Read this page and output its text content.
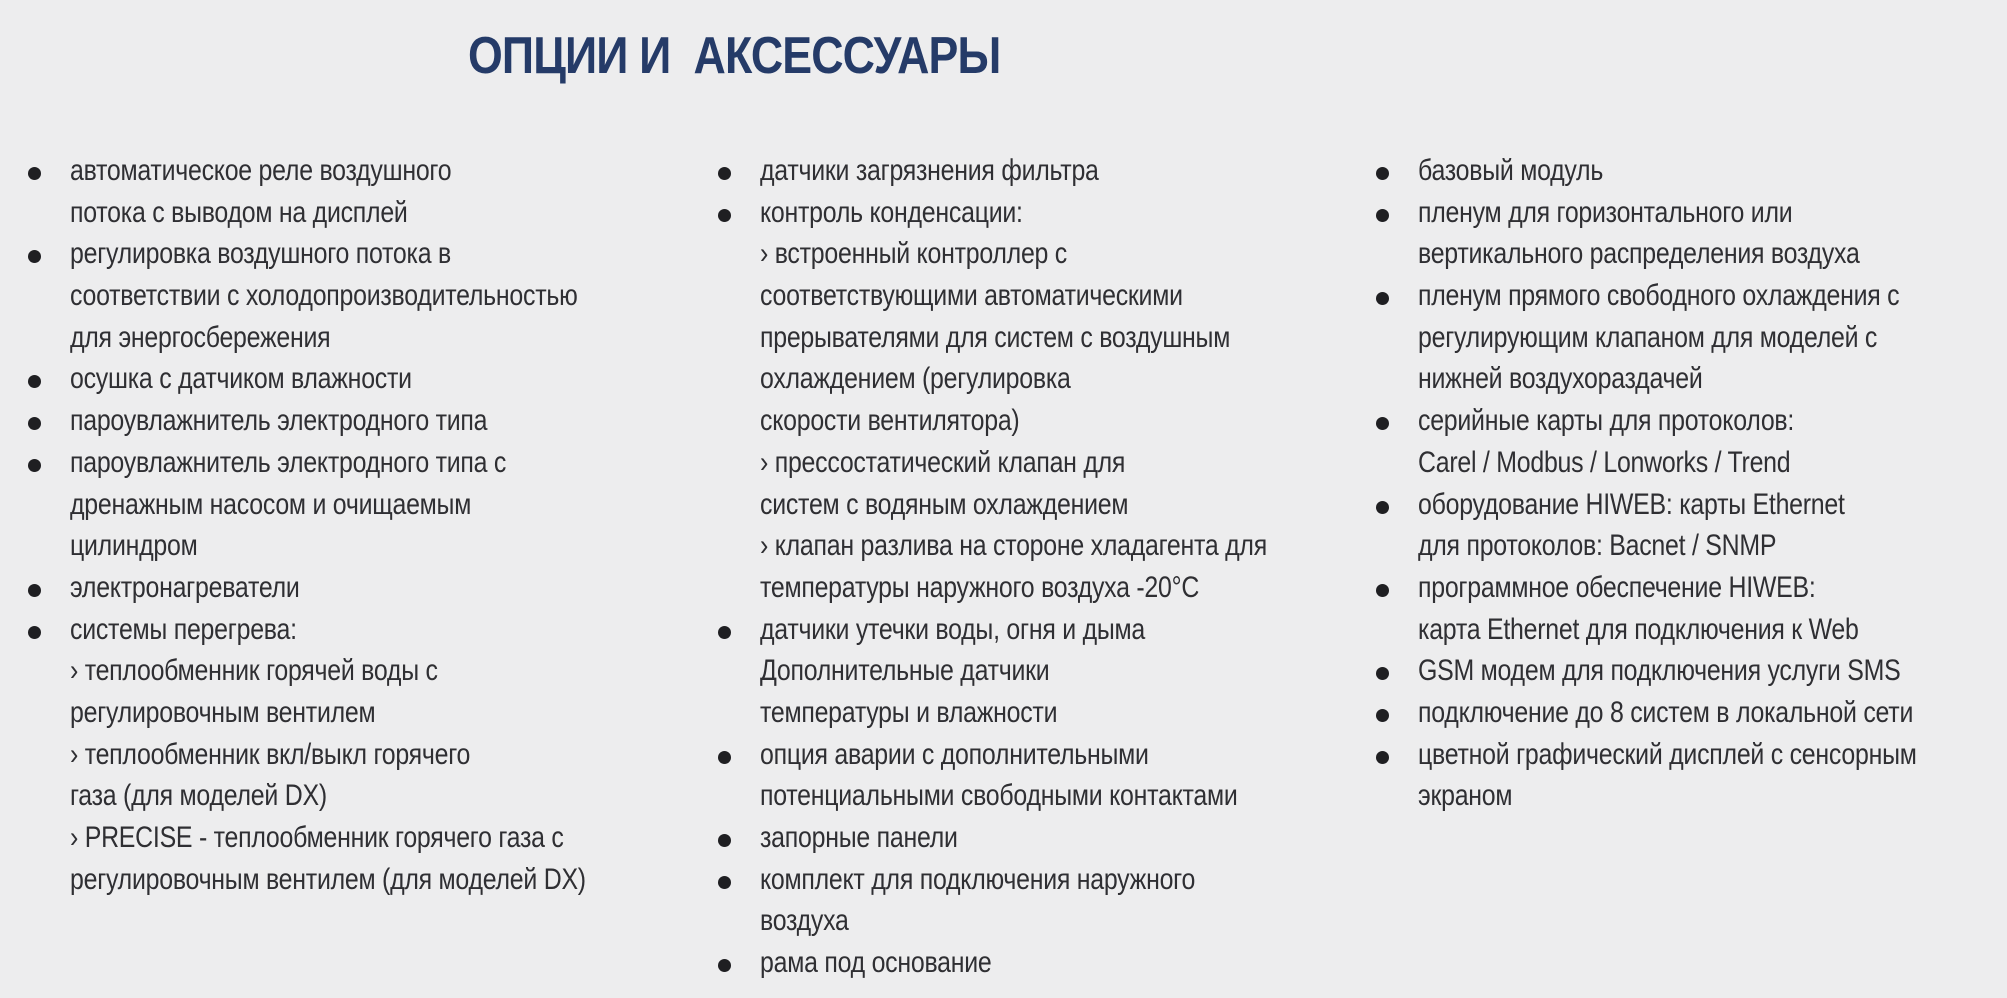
ОПЦИИ И  АКСЕССУАРЫ
автоматическое реле воздушного
потока с выводом на дисплей
регулировка воздушного потока в
соответствии с холодопроизводительностью
для энергосбережения
осушка с датчиком влажности
пароувлажнитель электродного типа
пароувлажнитель электродного типа с
дренажным насосом и очищаемым
цилиндром
электронагреватели
системы перегрева:
› теплообменник горячей воды с
регулировочным вентилем
› теплообменник вкл/выкл горячего
газа (для моделей DX)
› PRECISE - теплообменник горячего газа с
регулировочным вентилем (для моделей DX)
датчики загрязнения фильтра
контроль конденсации:
› встроенный контроллер с
соответствующими автоматическими
прерывателями для систем с воздушным
охлаждением (регулировка
скорости вентилятора)
› прессостатический клапан для
систем с водяным охлаждением
› клапан разлива на стороне хладагента для
температуры наружного воздуха -20°C
датчики утечки воды, огня и дыма
Дополнительные датчики
температуры и влажности
опция аварии с дополнительными
потенциальными свободными контактами
запорные панели
комплект для подключения наружного
воздуха
рама под основание
базовый модуль
пленум для горизонтального или
вертикального распределения воздуха
пленум прямого свободного охлаждения с
регулирующим клапаном для моделей с
нижней воздухораздачей
серийные карты для протоколов:
Carel / Modbus / Lonworks / Trend
оборудование HIWEB: карты Ethernet
для протоколов: Bacnet / SNMP
программное обеспечение HIWEB:
карта Ethernet для подключения к Web
GSM модем для подключения услуги SMS
подключение до 8 систем в локальной сети
цветной графический дисплей с сенсорным
экраном
